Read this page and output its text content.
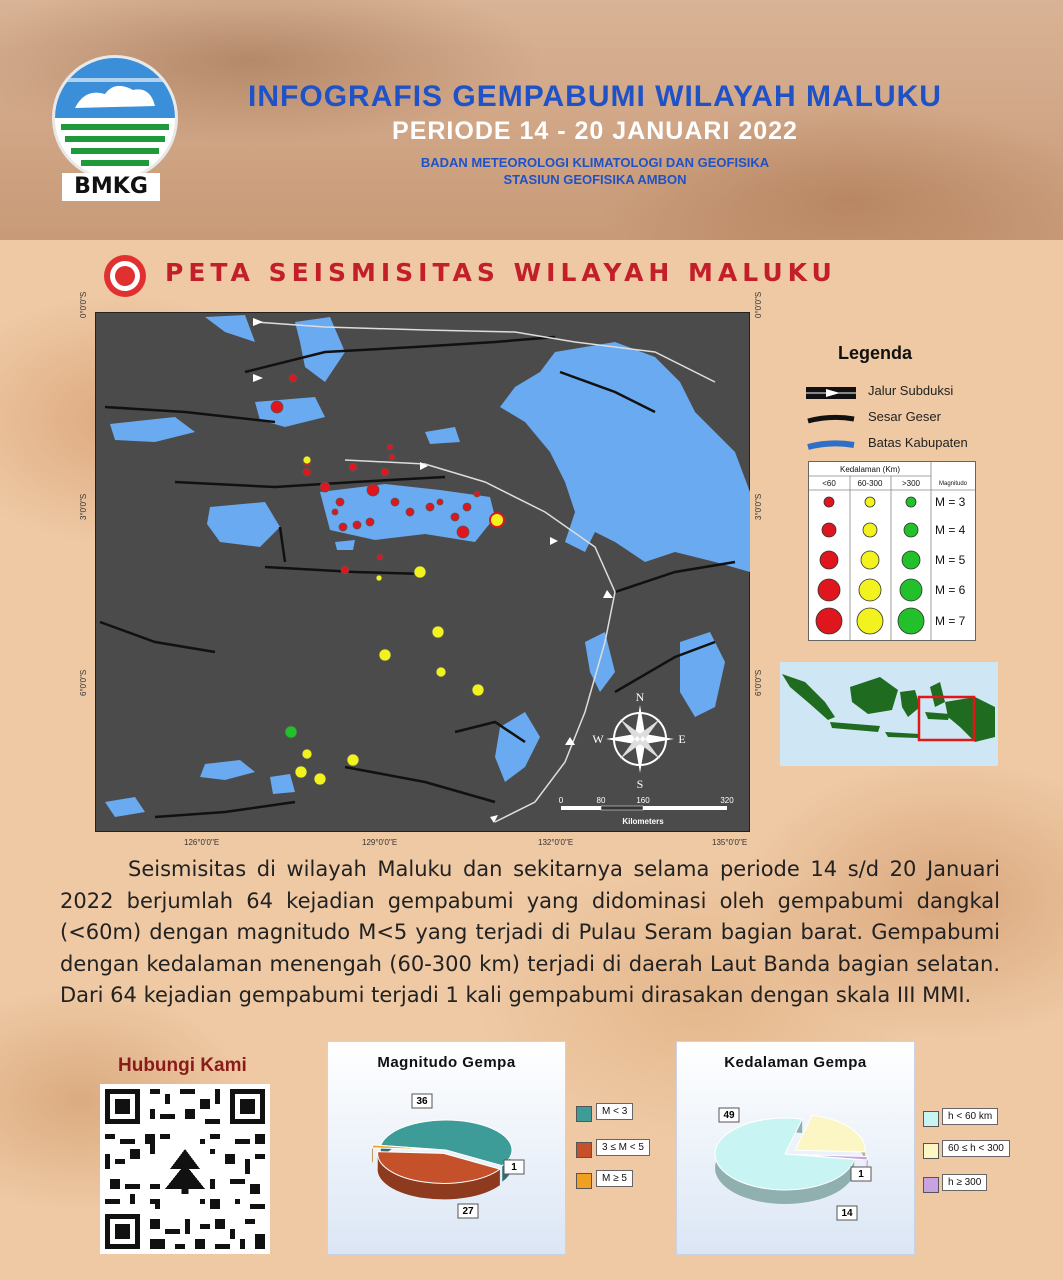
BMKG
INFOGRAFIS GEMPABUMI WILAYAH MALUKU
PERIODE 14 - 20 JANUARI 2022
BADAN METEOROLOGI KLIMATOLOGI DAN GEOFISIKA
STASIUN GEOFISIKA AMBON
PETA SEISMISITAS WILAYAH MALUKU
0°0'0"S
3°0'0"S
6°0'0"S
0°0'0"S
3°0'0"S
6°0'0"S
126°0'0"E	129°0'0"E	132°0'0"E	135°0'0"E
N
S
W	E
0	80	160	320
Kilometers
Legenda
Jalur Subduksi
Sesar Geser
Batas Kabupaten
Kedalaman (Km)
Magnitudo
<60	60-300 >300
M = 3
M = 4
M = 5
M = 6
M = 7
Seismisitas di wilayah Maluku dan sekitarnya selama periode 14 s/d 20 Januari 2022 berjumlah 64 kejadian gempabumi yang didominasi oleh gempabumi dangkal (<60m) dengan magnitudo M<5 yang terjadi di Pulau Seram bagian barat. Gempabumi dengan kedalaman menengah (60-300 km) terjadi di daerah Laut Banda bagian selatan. Dari 64 kejadian gempabumi terjadi 1 kali gempabumi dirasakan dengan skala III MMI.
Hubungi Kami	Magnitudo Gempa
36
27
1
M < 3
3 ≤ M < 5
M ≥ 5
Kedalaman Gempa
49
14
1
h < 60 km
60 ≤ h < 300
h ≥ 300
